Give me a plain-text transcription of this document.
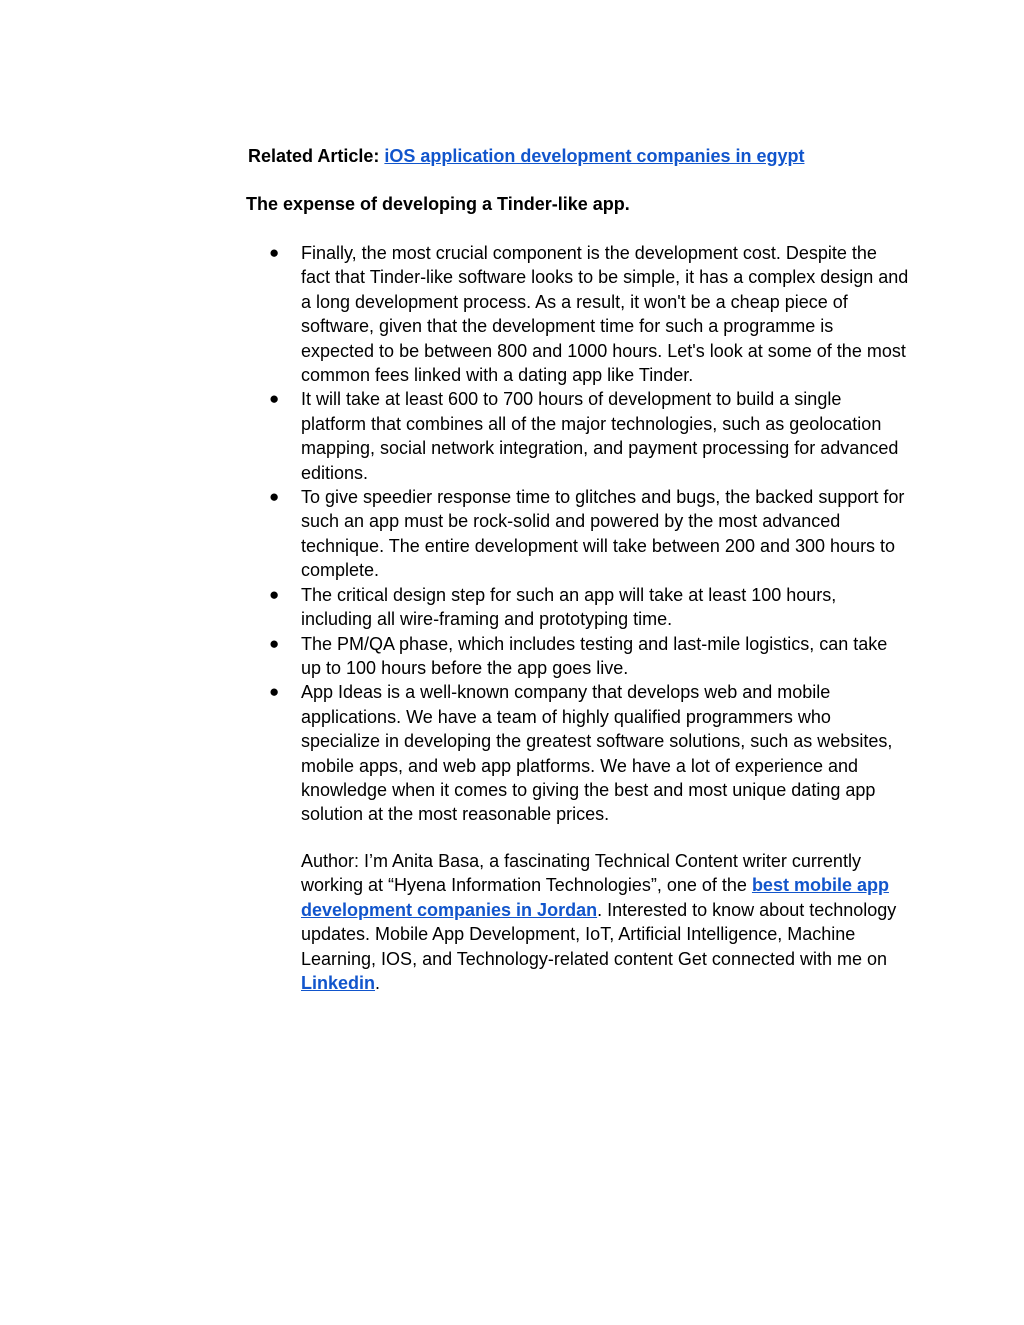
Related Article: iOS application development companies in egypt
The expense of developing a Tinder-like app.
● Finally, the most crucial component is the development cost. Despite the fact that Tinder-like software looks to be simple, it has a complex design and a long development process. As a result, it won't be a cheap piece of software, given that the development time for such a programme is expected to be between 800 and 1000 hours. Let's look at some of the most common fees linked with a dating app like Tinder.
● It will take at least 600 to 700 hours of development to build a single platform that combines all of the major technologies, such as geolocation mapping, social network integration, and payment processing for advanced editions.
● To give speedier response time to glitches and bugs, the backed support for such an app must be rock-solid and powered by the most advanced technique. The entire development will take between 200 and 300 hours to complete.
● The critical design step for such an app will take at least 100 hours, including all wire-framing and prototyping time.
● The PM/QA phase, which includes testing and last-mile logistics, can take up to 100 hours before the app goes live.
● App Ideas is a well-known company that develops web and mobile applications. We have a team of highly qualified programmers who specialize in developing the greatest software solutions, such as websites, mobile apps, and web app platforms. We have a lot of experience and knowledge when it comes to giving the best and most unique dating app solution at the most reasonable prices.

Author: I’m Anita Basa, a fascinating Technical Content writer currently working at “Hyena Information Technologies”, one of the best mobile app development companies in Jordan. Interested to know about technology updates. Mobile App Development, IoT, Artificial Intelligence, Machine Learning, IOS, and Technology-related content Get connected with me on Linkedin.
